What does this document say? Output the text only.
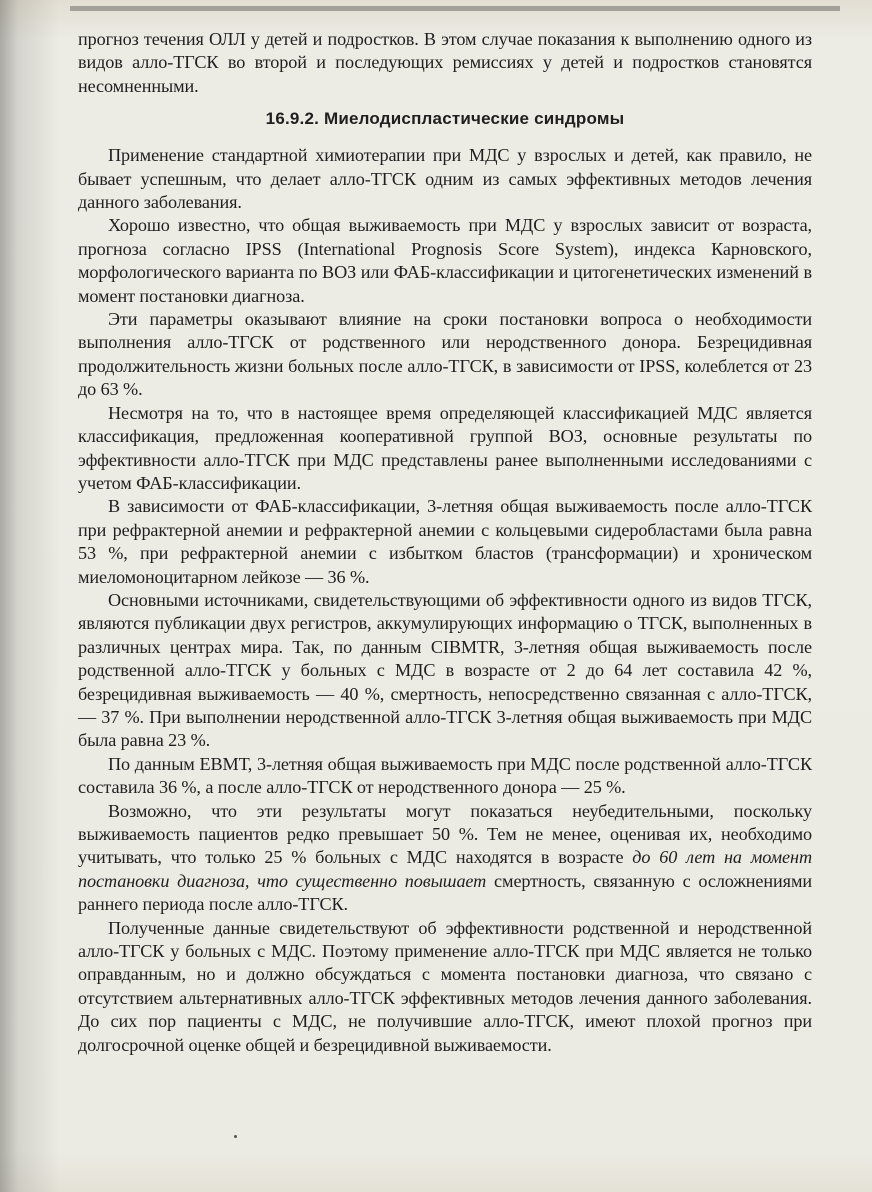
прогноз течения ОЛЛ у детей и подростков. В этом случае показания к выполнению одного из видов алло-ТГСК во второй и последующих ремиссиях у детей и подростков становятся несомненными.

16.9.2. Миелодиспластические синдромы

Применение стандартной химиотерапии при МДС у взрослых и детей, как правило, не бывает успешным, что делает алло-ТГСК одним из самых эффективных методов лечения данного заболевания.

Хорошо известно, что общая выживаемость при МДС у взрослых зависит от возраста, прогноза согласно IPSS (International Prognosis Score System), индекса Карновского, морфологического варианта по ВОЗ или ФАБ-классификации и цитогенетических изменений в момент постановки диагноза.

Эти параметры оказывают влияние на сроки постановки вопроса о необходимости выполнения алло-ТГСК от родственного или неродственного донора. Безрецидивная продолжительность жизни больных после алло-ТГСК, в зависимости от IPSS, колеблется от 23 до 63 %.

Несмотря на то, что в настоящее время определяющей классификацией МДС является классификация, предложенная кооперативной группой ВОЗ, основные результаты по эффективности алло-ТГСК при МДС представлены ранее выполненными исследованиями с учетом ФАБ-классификации.

В зависимости от ФАБ-классификации, 3-летняя общая выживаемость после алло-ТГСК при рефрактерной анемии и рефрактерной анемии с кольцевыми сидеробластами была равна 53 %, при рефрактерной анемии с избытком бластов (трансформации) и хроническом миеломоноцитарном лейкозе — 36 %.

Основными источниками, свидетельствующими об эффективности одного из видов ТГСК, являются публикации двух регистров, аккумулирующих информацию о ТГСК, выполненных в различных центрах мира. Так, по данным CIBMTR, 3-летняя общая выживаемость после родственной алло-ТГСК у больных с МДС в возрасте от 2 до 64 лет составила 42 %, безрецидивная выживаемость — 40 %, смертность, непосредственно связанная с алло-ТГСК, — 37 %. При выполнении неродственной алло-ТГСК 3-летняя общая выживаемость при МДС была равна 23 %.

По данным ЕВМТ, 3-летняя общая выживаемость при МДС после родственной алло-ТГСК составила 36 %, а после алло-ТГСК от неродственного донора — 25 %.

Возможно, что эти результаты могут показаться неубедительными, поскольку выживаемость пациентов редко превышает 50 %. Тем не менее, оценивая их, необходимо учитывать, что только 25 % больных с МДС находятся в возрасте до 60 лет на момент постановки диагноза, что существенно повышает смертность, связанную с осложнениями раннего периода после алло-ТГСК.

Полученные данные свидетельствуют об эффективности родственной и неродственной алло-ТГСК у больных с МДС. Поэтому применение алло-ТГСК при МДС является не только оправданным, но и должно обсуждаться с момента постановки диагноза, что связано с отсутствием альтернативных алло-ТГСК эффективных методов лечения данного заболевания. До сих пор пациенты с МДС, не получившие алло-ТГСК, имеют плохой прогноз при долгосрочной оценке общей и безрецидивной выживаемости.
